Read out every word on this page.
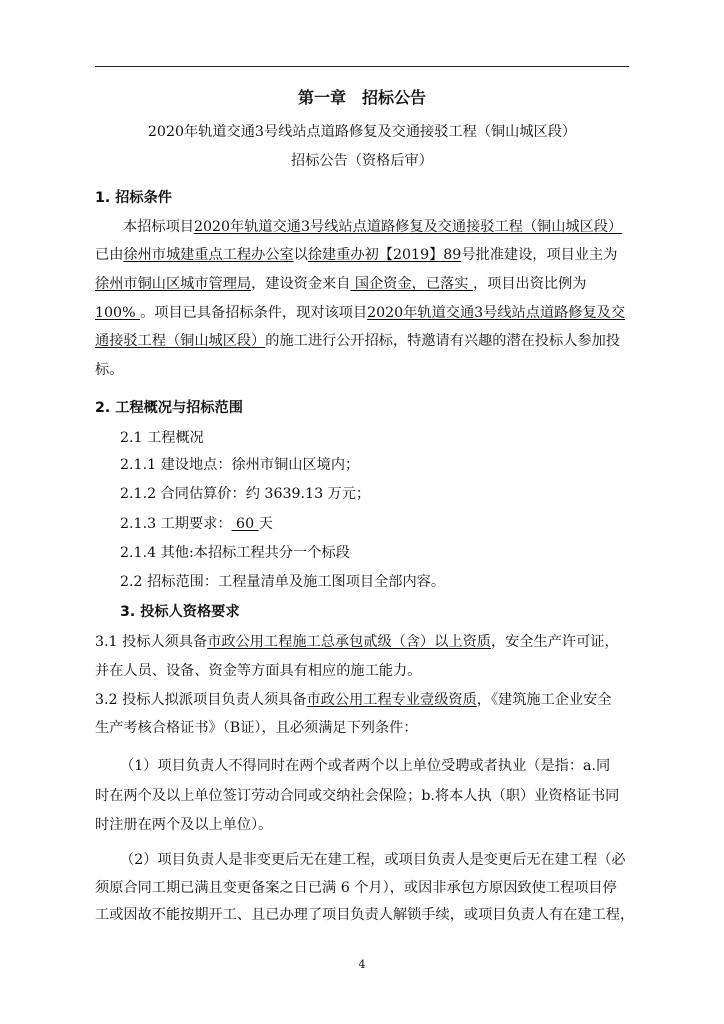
第一章  招标公告
2020年轨道交通3号线站点道路修复及交通接驳工程（铜山城区段）
招标公告（资格后审）
1. 招标条件
本招标项目2020年轨道交通3号线站点道路修复及交通接驳工程（铜山城区段）
已由徐州市城建重点工程办公室以徐建重办初【2019】89号批准建设，项目业主为
徐州市铜山区城市管理局，建设资金来自 国企资金，已落实 ，项目出资比例为
100% 。项目已具备招标条件，现对该项目2020年轨道交通3号线站点道路修复及交
通接驳工程（铜山城区段）的施工进行公开招标，特邀请有兴趣的潜在投标人参加投
标。
2. 工程概况与招标范围
2.1 工程概况
2.1.1 建设地点：徐州市铜山区境内；
2.1.2 合同估算价：约 3639.13 万元；
2.1.3 工期要求： 60 天
2.1.4 其他:本招标工程共分一个标段
2.2 招标范围：工程量清单及施工图项目全部内容。
3. 投标人资格要求
3.1 投标人须具备市政公用工程施工总承包贰级（含）以上资质，安全生产许可证，
并在人员、设备、资金等方面具有相应的施工能力。
3.2 投标人拟派项目负责人须具备市政公用工程专业壹级资质，《建筑施工企业安全
生产考核合格证书》（B证），且必须满足下列条件：
（1）项目负责人不得同时在两个或者两个以上单位受聘或者执业（是指：a.同
时在两个及以上单位签订劳动合同或交纳社会保险；b.将本人执（职）业资格证书同
时注册在两个及以上单位）。
（2）项目负责人是非变更后无在建工程，或项目负责人是变更后无在建工程（必
须原合同工期已满且变更备案之日已满 6 个月），或因非承包方原因致使工程项目停
工或因故不能按期开工、且已办理了项目负责人解锁手续，或项目负责人有在建工程，
4
